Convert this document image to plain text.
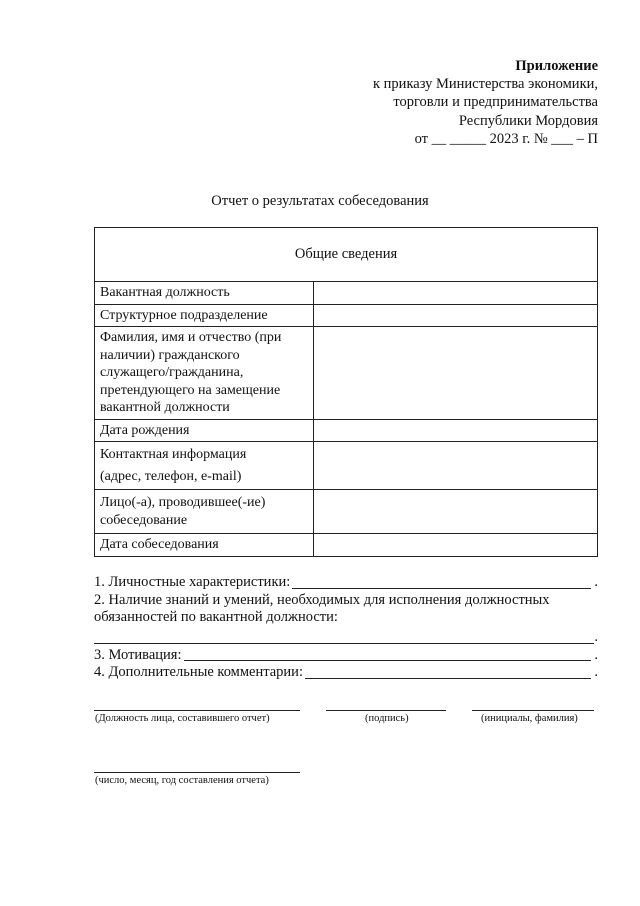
Приложение
к приказу Министерства экономики,
торговли и предпринимательства
Республики Мордовия
от __ _____ 2023 г. № ___ – П
Отчет о результатах собеседования
Общие сведения	
Вакантная должность	
Структурное подразделение	
Фамилия, имя и отчество (при наличии) гражданского служащего/гражданина, претендующего на замещение вакантной должности	
Дата рождения	

Контактная информация
(адрес, телефон, e-mail)	

Лицо(-а), проводившее(-ие) собеседование	
Дата собеседования	
1. Личностные характеристики:	.
2. Наличие знаний и умений, необходимых для исполнения должностных
обязанностей по вакантной должности:
.
3. Мотивация:	.
4. Дополнительные комментарии:	.
(Должность лица, составившего отчет)	(подпись)	(инициалы, фамилия)
(число, месяц, год составления отчета)
